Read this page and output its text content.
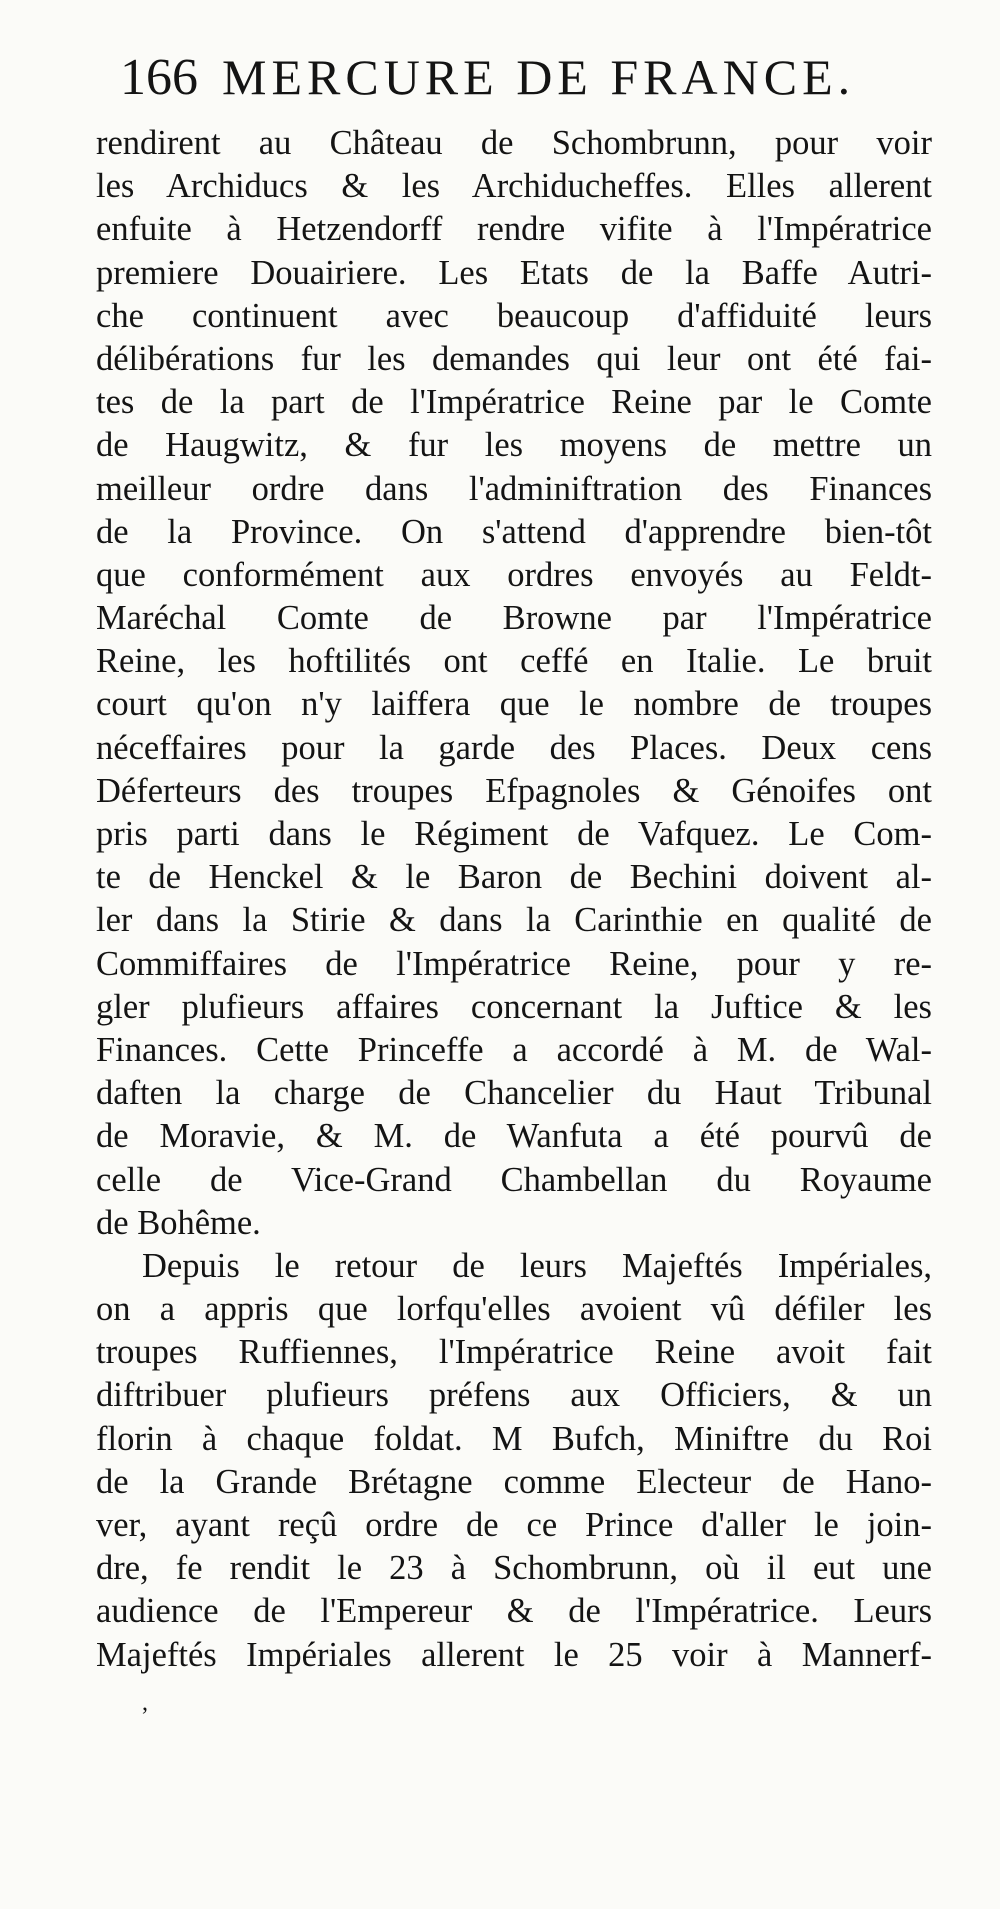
166 MERCURE DE FRANCE.
rendirent au Château de Schombrunn, pour voir
les Archiducs & les Archiducheffes. Elles allerent
enfuite à Hetzendorff rendre vifite à l'Impératrice
premiere Douairiere. Les Etats de la Baffe Autri-
che continuent avec beaucoup d'affiduité leurs
délibérations fur les demandes qui leur ont été fai-
tes de la part de l'Impératrice Reine par le Comte
de Haugwitz, & fur les moyens de mettre un
meilleur ordre dans l'adminiftration des Finances
de la Province. On s'attend d'apprendre bien-tôt
que conformément aux ordres envoyés au Feldt-
Maréchal Comte de Browne par l'Impératrice
Reine, les hoftilités ont ceffé en Italie. Le bruit
court qu'on n'y laiffera que le nombre de troupes
néceffaires pour la garde des Places. Deux cens
Déferteurs des troupes Efpagnoles & Génoifes ont
pris parti dans le Régiment de Vafquez. Le Com-
te de Henckel & le Baron de Bechini doivent al-
ler dans la Stirie & dans la Carinthie en qualité de
Commiffaires de l'Impératrice Reine, pour y re-
gler plufieurs affaires concernant la Juftice & les
Finances. Cette Princeffe a accordé à M. de Wal-
daften la charge de Chancelier du Haut Tribunal
de Moravie, & M. de Wanfuta a été pourvû de
celle de Vice-Grand Chambellan du Royaume
de Bohême.
Depuis le retour de leurs Majeftés Impériales,
on a appris que lorfqu'elles avoient vû défiler les
troupes Ruffiennes, l'Impératrice Reine avoit fait
diftribuer plufieurs préfens aux Officiers, & un
florin à chaque foldat. M Bufch, Miniftre du Roi
de la Grande Brétagne comme Electeur de Hano-
ver, ayant reçû ordre de ce Prince d'aller le join-
dre, fe rendit le 23 à Schombrunn, où il eut une
audience de l'Empereur & de l'Impératrice. Leurs
Majeftés Impériales allerent le 25 voir à Mannerf-
,
